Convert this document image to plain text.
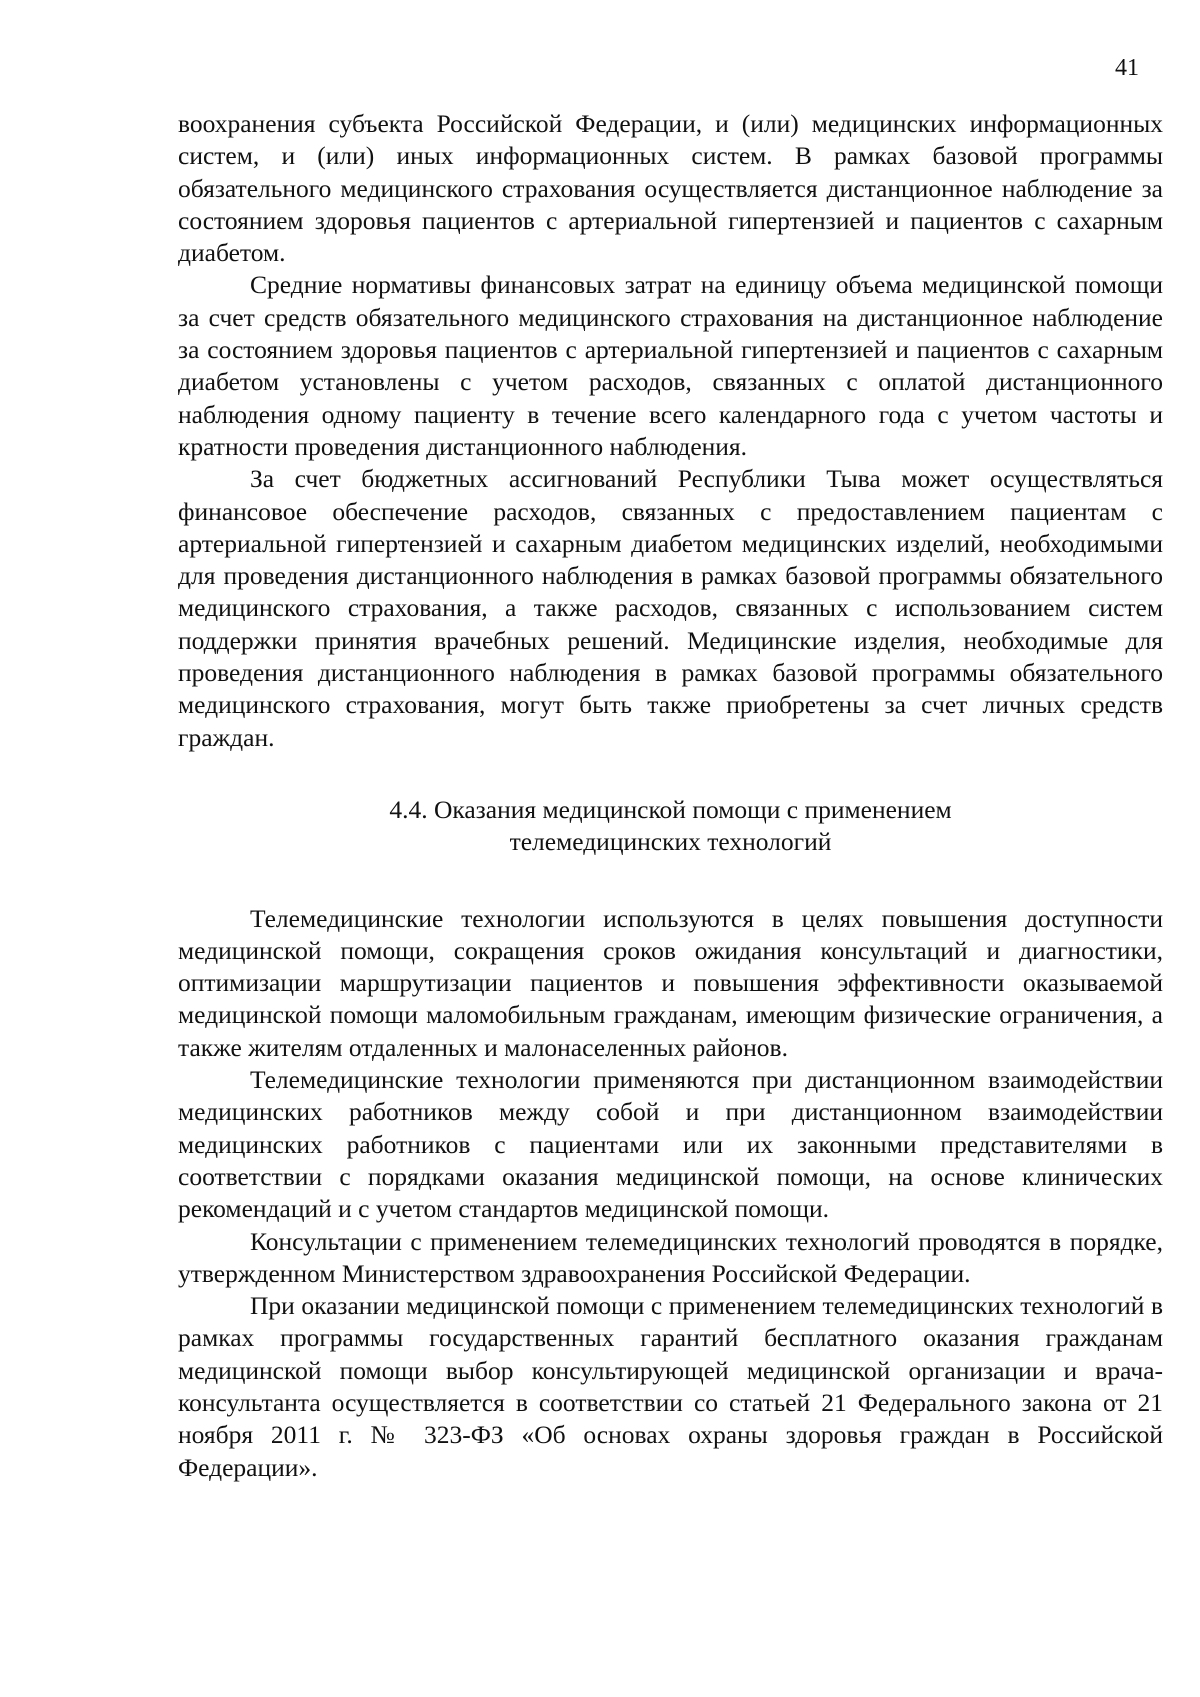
41

воохранения субъекта Российской Федерации, и (или) медицинских информационных систем, и (или) иных информационных систем. В рамках базовой программы обязательного медицинского страхования осуществляется дистанционное наблюдение за состоянием здоровья пациентов с артериальной гипертензией и пациентов с сахарным диабетом.

Средние нормативы финансовых затрат на единицу объема медицинской помощи за счет средств обязательного медицинского страхования на дистанционное наблюдение за состоянием здоровья пациентов с артериальной гипертензией и пациентов с сахарным диабетом установлены с учетом расходов, связанных с оплатой дистанционного наблюдения одному пациенту в течение всего календарного года с учетом частоты и кратности проведения дистанционного наблюдения.

За счет бюджетных ассигнований Республики Тыва может осуществляться финансовое обеспечение расходов, связанных с предоставлением пациентам с артериальной гипертензией и сахарным диабетом медицинских изделий, необходимыми для проведения дистанционного наблюдения в рамках базовой программы обязательного медицинского страхования, а также расходов, связанных с использованием систем поддержки принятия врачебных решений. Медицинские изделия, необходимые для проведения дистанционного наблюдения в рамках базовой программы обязательного медицинского страхования, могут быть также приобретены за счет личных средств граждан.

4.4. Оказания медицинской помощи с применением
телемедицинских технологий

Телемедицинские технологии используются в целях повышения доступности медицинской помощи, сокращения сроков ожидания консультаций и диагностики, оптимизации маршрутизации пациентов и повышения эффективности оказываемой медицинской помощи маломобильным гражданам, имеющим физические ограничения, а также жителям отдаленных и малонаселенных районов.

Телемедицинские технологии применяются при дистанционном взаимодействии медицинских работников между собой и при дистанционном взаимодействии медицинских работников с пациентами или их законными представителями в соответствии с порядками оказания медицинской помощи, на основе клинических рекомендаций и с учетом стандартов медицинской помощи.

Консультации с применением телемедицинских технологий проводятся в порядке, утвержденном Министерством здравоохранения Российской Федерации.

При оказании медицинской помощи с применением телемедицинских технологий в рамках программы государственных гарантий бесплатного оказания гражданам медицинской помощи выбор консультирующей медицинской организации и врача-консультанта осуществляется в соответствии со статьей 21 Федерального закона от 21 ноября 2011 г. № 323-ФЗ «Об основах охраны здоровья граждан в Российской Федерации».
